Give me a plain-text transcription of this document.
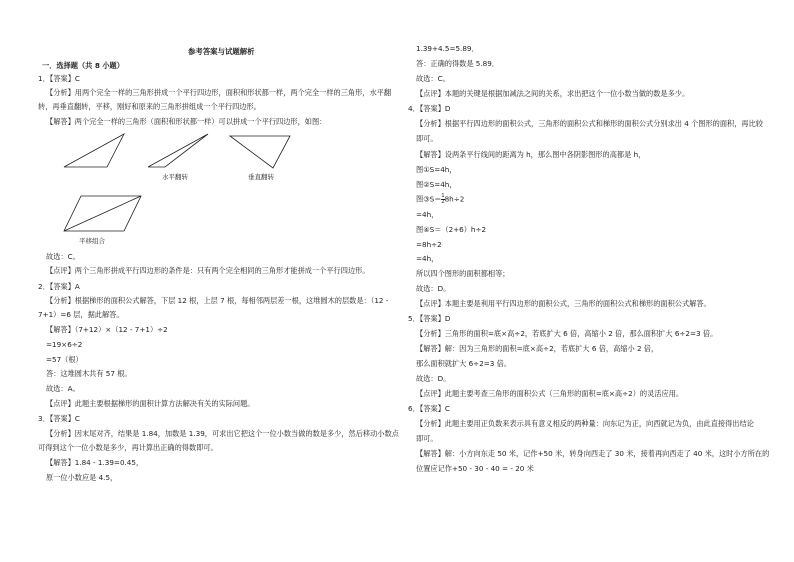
参考答案与试题解析
一．选择题（共 8 小题）
1．【答案】C
【分析】用两个完全一样的三角形拼成一个平行四边形，面积和形状都一样，两个完全一样的三角形，水平翻
转，再垂直翻转，平移，刚好和原来的三角形拼组成一个平行四边形。
【解答】两个完全一样的三角形（面积和形状都一样）可以拼成一个平行四边形，如图：
水平翻转	垂直翻转
平移组合
故选：C。
【点评】两个三角形拼成平行四边形的条件是：只有两个完全相同的三角形才能拼成一个平行四边形。
2．【答案】A
【分析】根据梯形的面积公式解答，下层 12 根，上层 7 根，每相邻两层差一根，这堆圆木的层数是：（12 -
7+1）=6 层，据此解答。
【解答】（7+12）×（12 - 7+1）÷2
=19×6÷2
=57（根）
答：这堆圆木共有 57 根。
故选：A。
【点评】此题主要根据梯形的面积计算方法解决有关的实际问题。
3．【答案】C
【分析】因末尾对齐，结果是 1.84，加数是 1.39，可求出它把这个一位小数当做的数是多少，然后移动小数点
可得到这个一位小数是多少，再计算出正确的得数即可。
【解答】1.84 - 1.39=0.45，
原一位小数应是 4.5，
1.39+4.5=5.89．
答：正确的得数是 5.89．
故选：C。
【点评】本题的关键是根据加减法之间的关系，求出把这个一位小数当做的数是多少。
4．【答案】D
【分析】根据平行四边形的面积公式，三角形的面积公式和梯形的面积公式分别求出 4 个图形的面积，再比较
即可。
【解答】设两条平行线间的距离为 h，那么图中各阴影图形的高都是 h，
图①S=4h，
图②S=4h，
图③S＝ $\frac{1}{2} 8h\div 2$
=4h，
图④S＝（2+6）h÷2
=8h÷2
=4h，
所以四个图形的面积都相等；
故选：D。
【点评】本题主要是利用平行四边形的面积公式，三角形的面积公式和梯形的面积公式解答。
5．【答案】D
【分析】三角形的面积=底×高÷2，若底扩大 6 倍，高缩小 2 倍，那么面积扩大 6÷2=3 倍。
【解答】解：因为三角形的面积=底×高÷2，若底扩大 6 倍，高缩小 2 倍，
那么面积就扩大 6÷2=3 倍。
故选：D。
【点评】此题主要考查三角形的面积公式（三角形的面积=底×高÷2）的灵活应用。
6．【答案】C
【分析】此题主要用正负数来表示具有意义相反的两种量：向东记为正，向西就记为负，由此直接得出结论
即可。
【解答】解：小方向东走 50 米，记作+50 米，转身向西走了 30 米，接着再向西走了 40 米，这时小方所在的
位置应记作+50 - 30 - 40 = - 20 米
